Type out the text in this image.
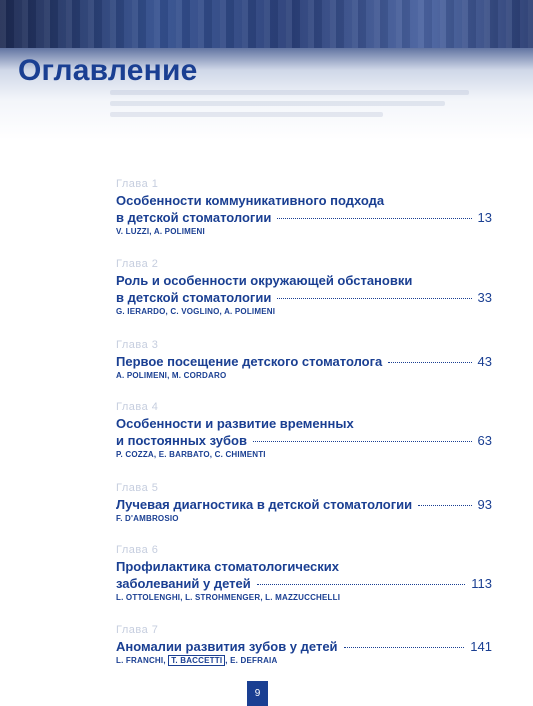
Оглавление
Глава 1
Особенности коммуникативного подхода
в детской стоматологии	13
V. LUZZI, A. POLIMENI
Глава 2
Роль и особенности окружающей обстановки
в детской стоматологии	33
G. IERARDO, C. VOGLINO, A. POLIMENI
Глава 3
Первое посещение детского стоматолога	43
A. POLIMENI, M. CORDARO
Глава 4
Особенности и развитие временных
и постоянных зубов	63
P. COZZA, E. BARBATO, C. CHIMENTI
Глава 5
Лучевая диагностика в детской стоматологии	93
F. D'AMBROSIO
Глава 6
Профилактика стоматологических
заболеваний у детей	113
L. OTTOLENGHI, L. STROHMENGER, L. MAZZUCCHELLI
Глава 7
Аномалии развития зубов у детей	141
L. FRANCHI, T. BACCETTI , E. DEFRAIA
9
